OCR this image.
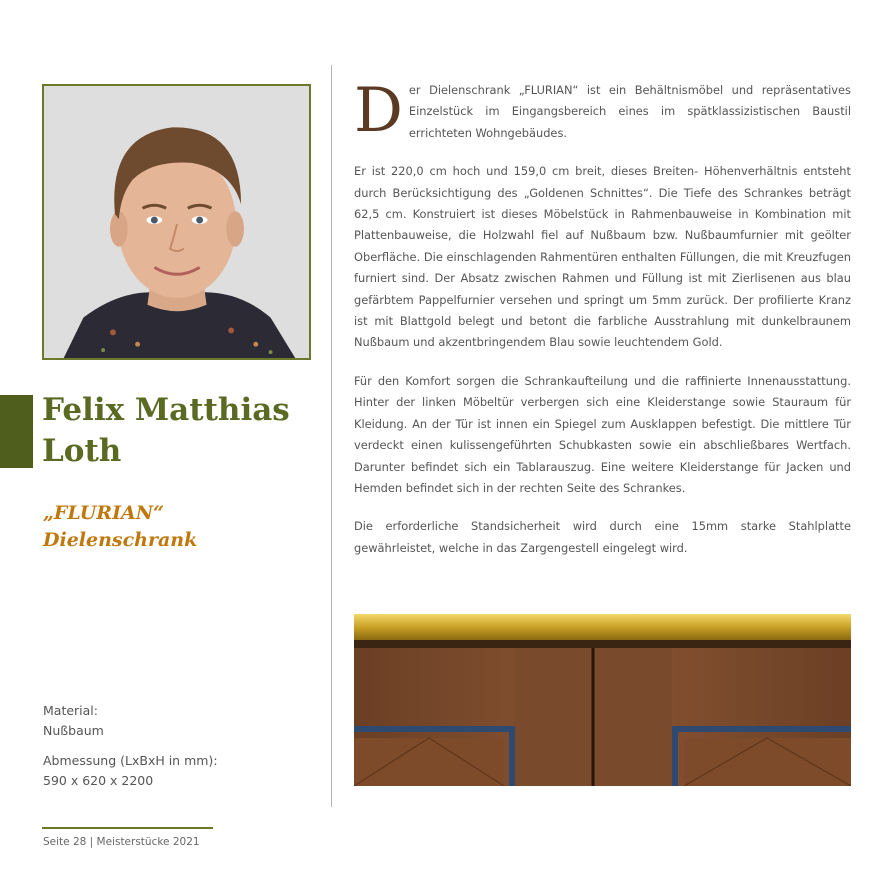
Felix Matthias
Loth
„FLURIAN“
Dielenschrank
Material:
Nußbaum
Abmessung (LxBxH in mm):
590 x 620 x 2200
Seite 28 | Meisterstücke 2021

Der Dielenschrank „FLURIAN“ ist ein Behältnismöbel und repräsentatives Einzelstück im Eingangsbereich eines im spätklassizistischen Baustil errichteten Wohngebäudes.

Er ist 220,0 cm hoch und 159,0 cm breit, dieses Breiten- Höhenverhältnis entsteht durch Berücksichtigung des „Goldenen Schnittes“. Die Tiefe des Schrankes beträgt 62,5 cm. Konstruiert ist dieses Möbelstück in Rahmenbauweise in Kombination mit Plattenbauweise, die Holzwahl fiel auf Nußbaum bzw. Nußbaumfurnier mit geölter Oberfläche. Die einschlagenden Rahmentüren enthalten Füllungen, die mit Kreuzfugen furniert sind. Der Absatz zwischen Rahmen und Füllung ist mit Zierlisenen aus blau gefärbtem Pappelfurnier versehen und springt um 5mm zurück. Der profilierte Kranz ist mit Blattgold belegt und betont die farbliche Ausstrahlung mit dunkelbraunem Nußbaum und akzentbringendem Blau sowie leuchtendem Gold.

Für den Komfort sorgen die Schrankaufteilung und die raffinierte Innenausstattung. Hinter der linken Möbeltür verbergen sich eine Kleiderstange sowie Stauraum für Kleidung. An der Tür ist innen ein Spiegel zum Ausklappen befestigt. Die mittlere Tür verdeckt einen kulissengeführten Schubkasten sowie ein abschließbares Wertfach. Darunter befindet sich ein Tablarauszug. Eine weitere Kleiderstange für Jacken und Hemden befindet sich in der rechten Seite des Schrankes.

Die erforderliche Standsicherheit wird durch eine 15mm starke Stahlplatte gewährleistet, welche in das Zargengestell eingelegt wird.
